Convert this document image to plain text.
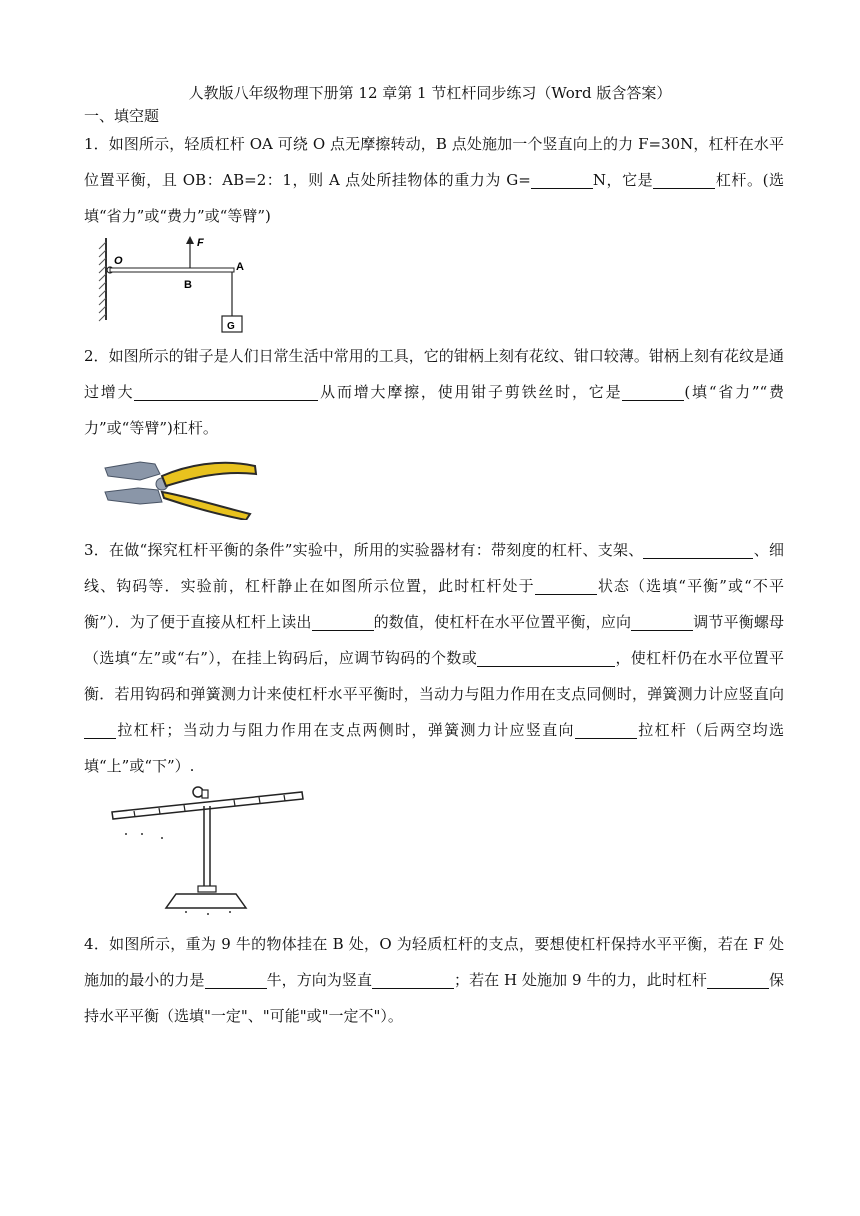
人教版八年级物理下册第 12 章第 1 节杠杆同步练习（Word 版含答案）
一、填空题
1．如图所示，轻质杠杆 OA 可绕 O 点无摩擦转动，B 点处施加一个竖直向上的力 F=30N，杠杆在水平位置平衡，且 OB：AB=2：1，则 A 点处所挂物体的重力为 G=	N，它是	杠杆。(选填“省力”或“费力”或“等臂”)
O
F
A
B
G
2．如图所示的钳子是人们日常生活中常用的工具，它的钳柄上刻有花纹、钳口较薄。钳柄上刻有花纹是通过增大	从而增大摩擦，使用钳子剪铁丝时，它是	(填“省力”“费力”或“等臂”)杠杆。
3．在做“探究杠杆平衡的条件”实验中，所用的实验器材有：带刻度的杠杆、支架、	、细线、钩码等．实验前，杠杆静止在如图所示位置，此时杠杆处于	状态（选填“平衡”或“不平衡”）．为了便于直接从杠杆上读出	的数值，使杠杆在水平位置平衡，应向	调节平衡螺母（选填“左”或“右”），在挂上钩码后，应调节钩码的个数或	，使杠杆仍在水平位置平衡．若用钩码和弹簧测力计来使杠杆水平平衡时，当动力与阻力作用在支点同侧时，弹簧测力计应竖直向拉杠杆；当动力与阻力作用在支点两侧时，弹簧测力计应竖直向	拉杠杆（后两空均选填“上”或“下”）.
4．如图所示，重为 9 牛的物体挂在 B 处，O 为轻质杠杆的支点，要想使杠杆保持水平平衡，若在 F 处施加的最小的力是	牛，方向为竖直	；若在 H 处施加 9 牛的力，此时杠杆	保持水平平衡（选填"一定"、"可能"或"一定不"）。
